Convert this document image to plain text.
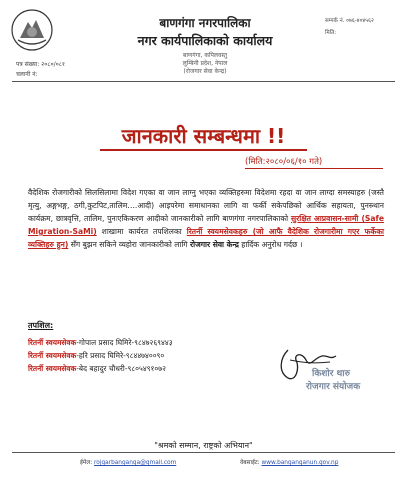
बाणगंगा नगरपालिका
नगर कार्यपालिकाको कार्यालय
बाणगंगा, कपिलवस्तु
लुम्बिनी प्रदेश, नेपाल
(रोजगार सेवा केन्द्र)
सम्पर्क नं. ०७६-४०४५६२
मिति:
पत्र संख्या: २०८०/०८१
चलानी नं:
जानकारी सम्बन्धमा !!
(मिति:२०८०/०६/१० गते)
वैदेशिक रोजगारीको सिलसिलामा विदेश गएका वा जान लाग्नु भएका व्यक्तिहरुमा विदेशमा रहदा वा जान लाग्दा समस्याहरु (जस्तै मृत्यु, अङ्गभङ्ग, ठगी,कुटपिट,तालिम….आदी) आइपरेमा समाधानका लागि वा फर्की सकेपछिको आर्थिक सहायता, पुनस्र्थान कार्यक्रम, छात्रवृत्ति, तालिम, पुनःएकिकरण आदीको जानकारीको लागि बाणगंगा नगरपालिकाको सुरक्षित आप्रवासन-सामी (Safe Migration-SaMi) शाखामा कार्यरत तपशिलका रितर्नी स्वयमसेवकहरु (जो आफै वैदेशिक रोजगारीमा गएर फर्केका व्यक्तिहरु हुन) सँग बुझन सकिने व्यहोरा जानकारीको लागि रोजगार सेवा केन्द्र हार्दिक अनुरोध गर्दछ ।
तपशिल:
रितर्नी स्वयमसेवक-गोपाल प्रसाद घिमिरे-९८४७२६९४४३
रितर्नी स्वयमसेवक-हरि प्रसाद घिमिरे-९८४४७४००९०
रितर्नी स्वयमसेवक-बेद बहादुर चौधरी-९८०५४९१०७२
किशोर थारु
रोजगार संयोजक
"श्रमको सम्मान, राष्ट्रको अभियान"
ईमेल: rojgarbanganga@gmail.com	वेबसाईट: www.banganganun.gov.np
